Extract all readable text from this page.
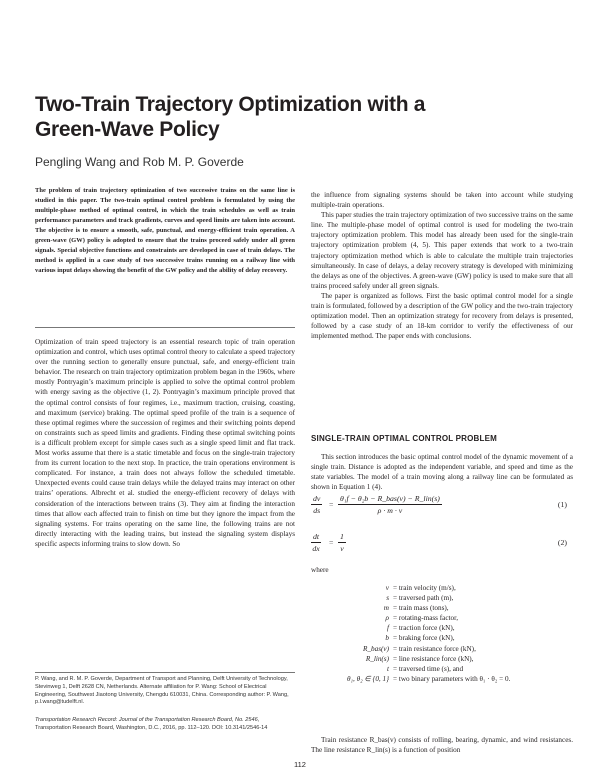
Two-Train Trajectory Optimization with a Green-Wave Policy
Pengling Wang and Rob M. P. Goverde
The problem of train trajectory optimization of two successive trains on the same line is studied in this paper. The two-train optimal control problem is formulated by using the multiple-phase method of optimal control, in which the train schedules as well as train performance parameters and track gradients, curves and speed limits are taken into account. The objective is to ensure a smooth, safe, punctual, and energy-efficient train operation. A green-wave (GW) policy is adopted to ensure that the trains proceed safely under all green signals. Special objective functions and constraints are developed in case of train delays. The method is applied in a case study of two successive trains running on a railway line with various input delays showing the benefit of the GW policy and the ability of delay recovery.

Optimization of train speed trajectory is an essential research topic of train operation optimization and control, which uses optimal control theory to calculate a speed trajectory over the running section to generally ensure punctual, safe, and energy-efficient train behavior. The research on train trajectory optimization problem began in the 1960s, where mostly Pontryagin’s maximum principle is applied to solve the optimal control problem with energy saving as the objective (1, 2). Pontryagin’s maximum principle proved that the optimal control consists of four regimes, i.e., maximum traction, cruising, coasting, and maximum (service) braking. The optimal speed profile of the train is a sequence of these optimal regimes where the succession of regimes and their switching points depend on constraints such as speed limits and gradients. Finding these optimal switching points is a difficult problem except for simple cases such as a single speed limit and flat track. Most works assume that there is a static timetable and focus on the single-train trajectory from its current location to the next stop. In practice, the train operations environment is complicated. For instance, a train does not always follow the scheduled timetable. Unexpected events could cause train delays while the delayed trains may interact on other trains’ operations. Albrecht et al. studied the energy-efficient recovery of delays with consideration of the interactions between trains (3). They aim at finding the interaction times that allow each affected train to finish on time but they ignore the impact from the signaling systems. For trains operating on the same line, the following trains are not directly interacting with the leading trains, but instead the signaling system displays specific aspects informing trains to slow down. So

P. Wang, and R. M. P. Goverde, Department of Transport and Planning, Delft University of Technology, Stevinweg 1, Delft 2628 CN, Netherlands. Alternate affiliation for P. Wang: School of Electrical Engineering, Southwest Jiaotong University, Chengdu 610031, China. Corresponding author: P. Wang, p.l.wang@tudelft.nl.
Transportation Research Record: Journal of the Transportation Research Board, No. 2546, Transportation Research Board, Washington, D.C., 2016, pp. 112–120. DOI: 10.3141/2546-14

the influence from signaling systems should be taken into account while studying multiple-train operations.

This paper studies the train trajectory optimization of two successive trains on the same line. The multiple-phase model of optimal control is used for modeling the two-train trajectory optimization problem. This model has already been used for the single-train trajectory optimization problem (4, 5). This paper extends that work to a two-train trajectory optimization method which is able to calculate the multiple train trajectories simultaneously. In case of delays, a delay recovery strategy is developed with minimizing the delays as one of the objectives. A green-wave (GW) policy is used to make sure that all trains proceed safely under all green signals.

The paper is organized as follows. First the basic optimal control model for a single train is formulated, followed by a description of the GW policy and the two-train trajectory optimization model. Then an optimization strategy for recovery from delays is presented, followed by a case study of an 18-km corridor to verify the effectiveness of our implemented method. The paper ends with conclusions.

SINGLE-TRAIN OPTIMAL CONTROL PROBLEM

This section introduces the basic optimal control model of the dynamic movement of a single train. Distance is adopted as the independent variable, and speed and time as the state variables. The model of a train moving along a railway line can be formulated as shown in Equation 1 (4).

$\frac{dv}{ds}$ =
θ₁f − θ₂b − R_bas(v) − R_lin(s)
ρ · m · v
(1)
$\frac{dt}{dx} = \frac{1}{v}$	(2)
where
v = train velocity (m/s),
s = traversed path (m),
m = train mass (tons),
ρ = rotating-mass factor,
f = traction force (kN),
b = braking force (kN),
R_bas(v) = train resistance force (kN),
R_lin(s) = line resistance force (kN),
t = traversed time (s), and
θ₁, θ₂ ∈ {0, 1} = two binary parameters with θ₁ · θ₂ = 0.

Train resistance R_bas(v) consists of rolling, bearing, dynamic, and wind resistances. The line resistance R_lin(s) is a function of position

112
